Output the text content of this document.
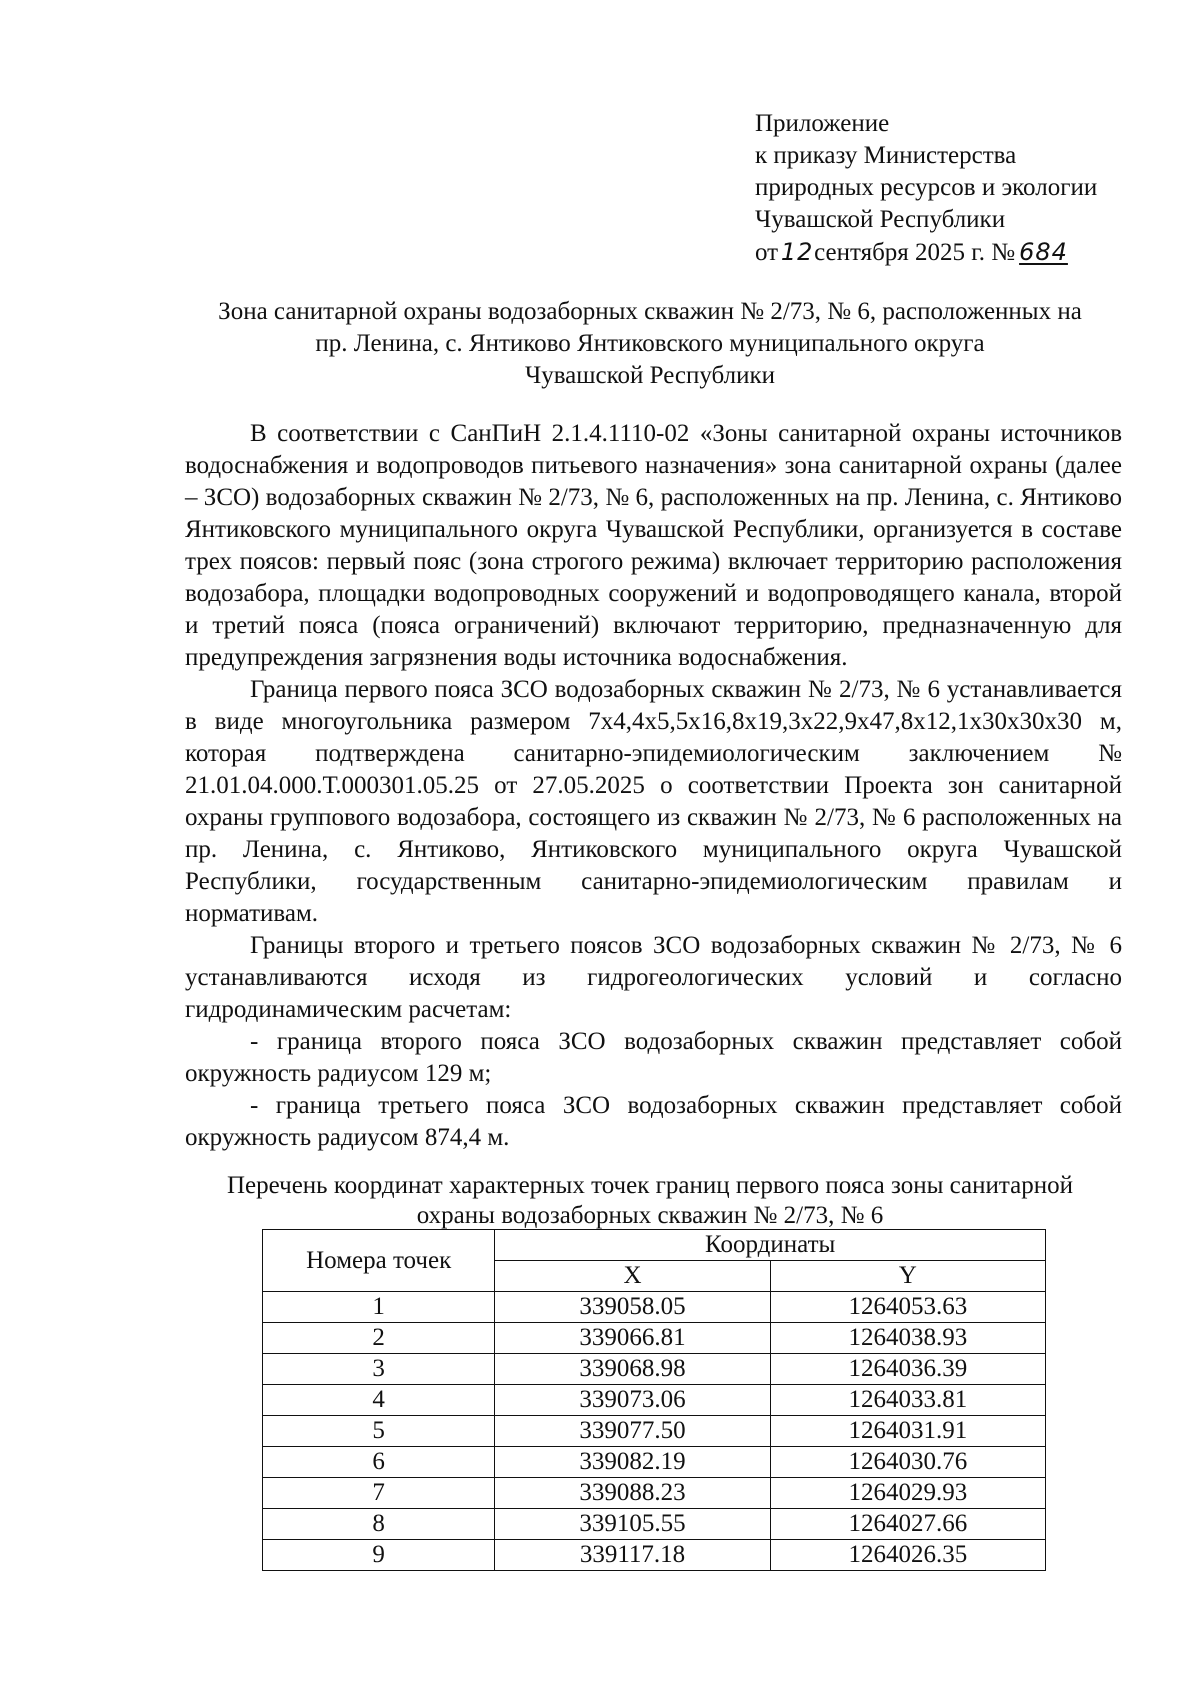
Приложение
к приказу Министерства
природных ресурсов и экологии
Чувашской Республики
от 12сентября 2025 г. № 684
Зона санитарной охраны водозаборных скважин № 2/73, № 6, расположенных на
пр. Ленина, с. Янтиково Янтиковского муниципального округа
Чувашской Республики

В соответствии с СанПиН 2.1.4.1110-02 «Зоны санитарной охраны источников водоснабжения и водопроводов питьевого назначения» зона санитарной охраны (далее – ЗСО) водозаборных скважин № 2/73, № 6, расположенных на пр. Ленина, с. Янтиково Янтиковского муниципального округа Чувашской Республики, организуется в составе трех поясов: первый пояс (зона строгого режима) включает территорию расположения водозабора, площадки водопроводных сооружений и водопроводящего канала, второй и третий пояса (пояса ограничений) включают территорию, предназначенную для предупреждения загрязнения воды источника водоснабжения.

Граница первого пояса ЗСО водозаборных скважин № 2/73, № 6 устанавливается в виде многоугольника размером 7х4,4х5,5х16,8х19,3х22,9х47,8х12,1х30х30х30 м, которая подтверждена санитарно-эпидемиологическим заключением № 21.01.04.000.Т.000301.05.25 от 27.05.2025 о соответствии Проекта зон санитарной охраны группового водозабора, состоящего из скважин № 2/73, № 6 расположенных на пр. Ленина, с. Янтиково, Янтиковского муниципального округа Чувашской Республики, государственным санитарно-эпидемиологическим правилам и нормативам.

Границы второго и третьего поясов ЗСО водозаборных скважин № 2/73, № 6 устанавливаются исходя из гидрогеологических условий и согласно гидродинамическим расчетам:

- граница второго пояса ЗСО водозаборных скважин представляет собой окружность радиусом 129 м;

- граница третьего пояса ЗСО водозаборных скважин представляет собой окружность радиусом 874,4 м.

Перечень координат характерных точек границ первого пояса зоны санитарной
охраны водозаборных скважин № 2/73, № 6
Номера точек	Координаты	
	X	Y
1	339058.05	1264053.63
2	339066.81	1264038.93
3	339068.98	1264036.39
4	339073.06	1264033.81
5	339077.50	1264031.91
6	339082.19	1264030.76
7	339088.23	1264029.93
8	339105.55	1264027.66
9	339117.18	1264026.35
